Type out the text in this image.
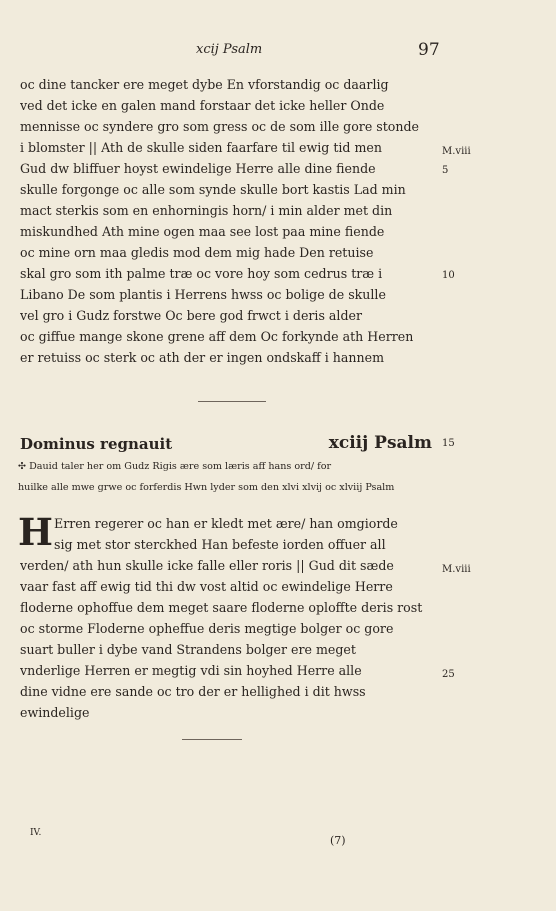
xcij Psalm	97
oc dine tancker ere meget dybe En vforstandig oc daarlig
ved det icke en galen mand forstaar det icke heller Onde
mennisse oc syndere gro som gress oc de som ille gore stonde
i blomster || Ath de skulle siden faarfare til ewig tid men
Gud dw bliffuer hoyst ewindelige Herre alle dine fiende
skulle forgonge oc alle som synde skulle bort kastis Lad min
mact sterkis som en enhorningis horn/ i min alder met din
miskundhed Ath mine ogen maa see lost paa mine fiende
oc mine orn maa gledis mod dem mig hade Den retuise
skal gro som ith palme træ oc vore hoy som cedrus træ i
Libano De som plantis i Herrens hwss oc bolige de skulle
vel gro i Gudz forstwe Oc bere god frwct i deris alder
oc giffue mange skone grene aff dem Oc forkynde ath Herren
er retuiss oc sterk oc ath der er ingen ondskaff i hannem
M.viii
5
10
Dominus regnauit	xciij Psalm 15
✣ Dauid taler her om Gudz Rigis ære som læris aff hans ord/ for
huilke alle mwe grwe oc forferdis Hwn lyder som den xlvi xlvij oc xlviij Psalm
H Erren regerer oc han er kledt met ære/ han omgiorde
sig met stor sterckhed Han befeste iorden offuer all
verden/ ath hun skulle icke falle eller roris || Gud dit sæde
vaar fast aff ewig tid thi dw vost altid oc ewindelige Herre
floderne ophoffue dem meget saare floderne oploffte deris rost
oc storme Floderne opheffue deris megtige bolger oc gore
suart buller i dybe vand Strandens bolger ere meget
vnderlige Herren er megtig vdi sin hoyhed Herre alle
dine vidne ere sande oc tro der er hellighed i dit hwss
ewindelige
M.viii
25
IV.
(7)
